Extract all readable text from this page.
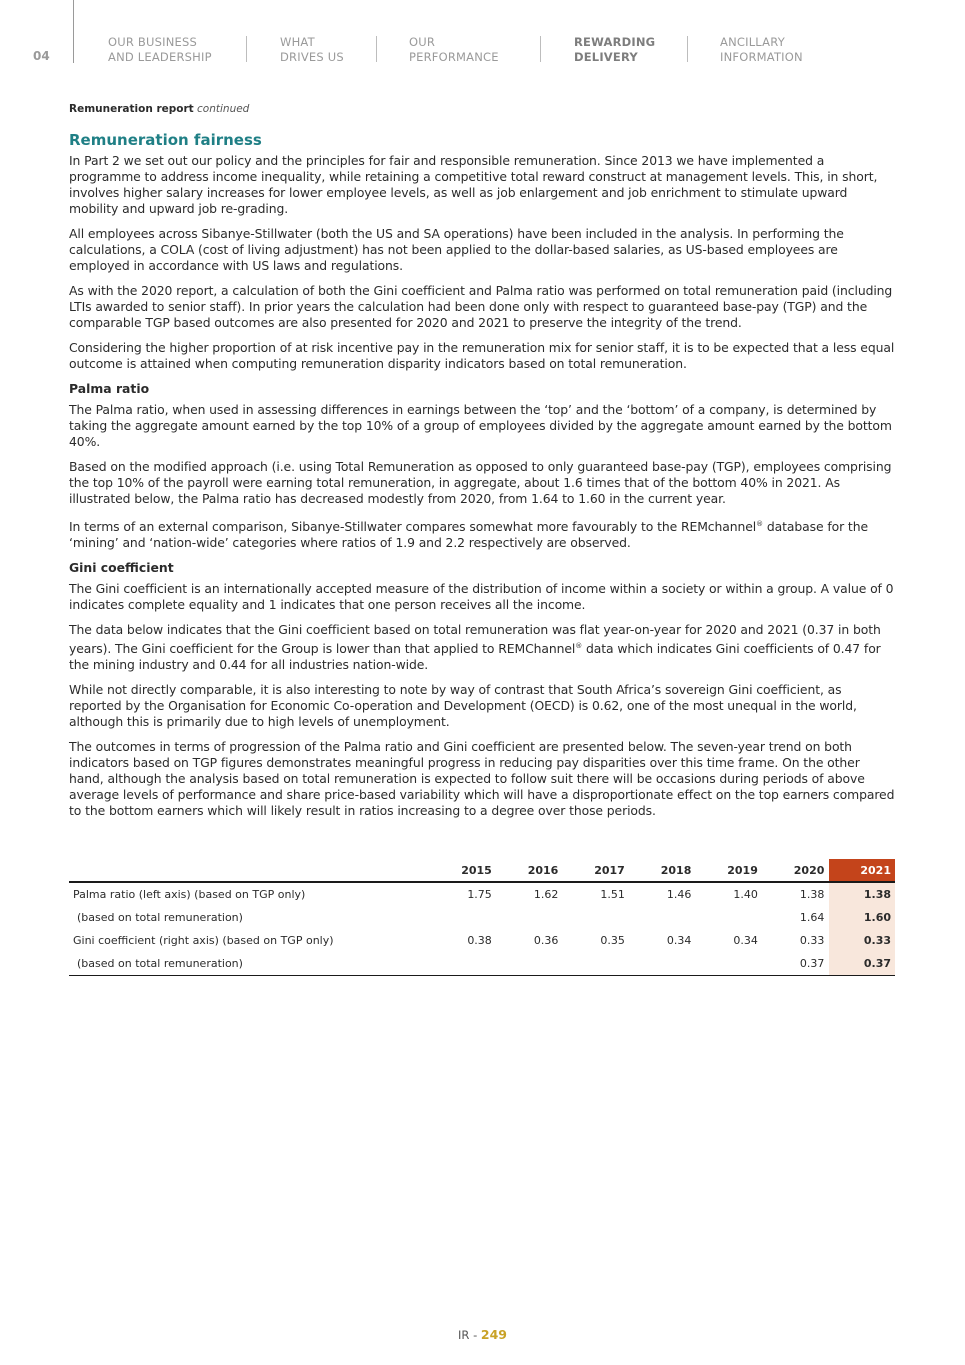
04
OUR BUSINESS
AND LEADERSHIP
WHAT
DRIVES US
OUR
PERFORMANCE
REWARDING
DELIVERY
ANCILLARY
INFORMATION
Remuneration report continued
Remuneration fairness

In Part 2 we set out our policy and the principles for fair and responsible remuneration. Since 2013 we have implemented a programme to address income inequality, while retaining a competitive total reward construct at management levels. This, in short, involves higher salary increases for lower employee levels, as well as job enlargement and job enrichment to stimulate upward mobility and upward job re-grading.

All employees across Sibanye-Stillwater (both the US and SA operations) have been included in the analysis. In performing the calculations, a COLA (cost of living adjustment) has not been applied to the dollar-based salaries, as US-based employees are employed in accordance with US laws and regulations.

As with the 2020 report, a calculation of both the Gini coefficient and Palma ratio was performed on total remuneration paid (including LTIs awarded to senior staff). In prior years the calculation had been done only with respect to guaranteed base-pay (TGP) and the comparable TGP based outcomes are also presented for 2020 and 2021 to preserve the integrity of the trend.

Considering the higher proportion of at risk incentive pay in the remuneration mix for senior staff, it is to be expected that a less equal outcome is attained when computing remuneration disparity indicators based on total remuneration.

Palma ratio

The Palma ratio, when used in assessing differences in earnings between the ‘top’ and the ‘bottom’ of a company, is determined by taking the aggregate amount earned by the top 10% of a group of employees divided by the aggregate amount earned by the bottom 40%.

Based on the modified approach (i.e. using Total Remuneration as opposed to only guaranteed base-pay (TGP), employees comprising the top 10% of the payroll were earning total remuneration, in aggregate, about 1.6 times that of the bottom 40% in 2021. As illustrated below, the Palma ratio has decreased modestly from 2020, from 1.64 to 1.60 in the current year.

In terms of an external comparison, Sibanye-Stillwater compares somewhat more favourably to the REMchannel® database for the ‘mining’ and ‘nation-wide’ categories where ratios of 1.9 and 2.2 respectively are observed.

Gini coefficient

The Gini coefficient is an internationally accepted measure of the distribution of income within a society or within a group. A value of 0 indicates complete equality and 1 indicates that one person receives all the income.

The data below indicates that the Gini coefficient based on total remuneration was flat year-on-year for 2020 and 2021 (0.37 in both years). The Gini coefficient for the Group is lower than that applied to REMChannel® data which indicates Gini coefficients of 0.47 for the mining industry and 0.44 for all industries nation-wide.

While not directly comparable, it is also interesting to note by way of contrast that South Africa’s sovereign Gini coefficient, as reported by the Organisation for Economic Co-operation and Development (OECD) is 0.62, one of the most unequal in the world, although this is primarily due to high levels of unemployment.

The outcomes in terms of progression of the Palma ratio and Gini coefficient are presented below. The seven-year trend on both indicators based on TGP figures demonstrates meaningful progress in reducing pay disparities over this time frame. On the other hand, although the analysis based on total remuneration is expected to follow suit there will be occasions during periods of above average levels of performance and share price-based variability which will have a disproportionate effect on the top earners compared to the bottom earners which will likely result in ratios increasing to a degree over those periods.

	2015	2016	2017	2018	2019	2020	2021
Palma ratio (left axis) (based on TGP only)	1.75	1.62	1.51	1.46	1.40	1.38	1.38
(based on total remuneration)						1.64	1.60
Gini coefficient (right axis) (based on TGP only)	0.38	0.36	0.35	0.34	0.34	0.33	0.33
(based on total remuneration)						0.37	0.37
IR - 249
